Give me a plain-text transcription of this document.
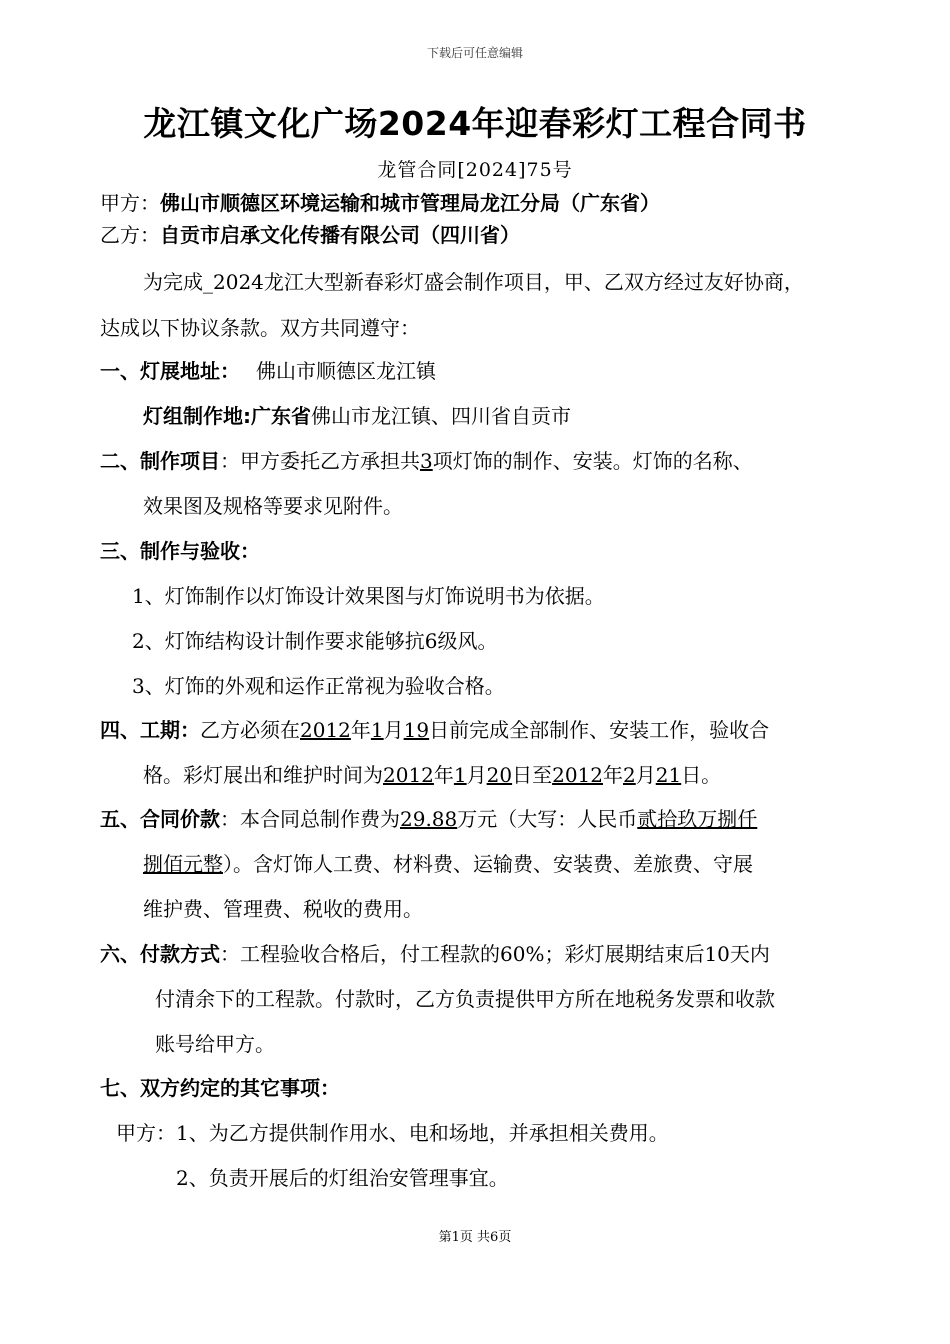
下载后可任意编辑
龙江镇文化广场2024年迎春彩灯工程合同书
龙管合同[2024]75号
甲方：佛山市顺德区环境运输和城市管理局龙江分局（广东省）
乙方：自贡市启承文化传播有限公司（四川省）
为完成_2024龙江大型新春彩灯盛会制作项目，甲、乙双方经过友好协商，
达成以下协议条款。双方共同遵守：
一、灯展地址： 佛山市顺德区龙江镇
灯组制作地:广东省佛山市龙江镇、四川省自贡市
二、制作项目：甲方委托乙方承担共3项灯饰的制作、安装。灯饰的名称、
效果图及规格等要求见附件。
三、制作与验收：
1、灯饰制作以灯饰设计效果图与灯饰说明书为依据。
2、灯饰结构设计制作要求能够抗6级风。
3、灯饰的外观和运作正常视为验收合格。
四、工期：乙方必须在2012年1月19日前完成全部制作、安装工作，验收合
格。彩灯展出和维护时间为2012年1月20日至2012年2月21日。
五、合同价款：本合同总制作费为29.88万元（大写：人民币贰拾玖万捌仟
捌佰元整）。含灯饰人工费、材料费、运输费、安装费、差旅费、守展
维护费、管理费、税收的费用。
六、付款方式：工程验收合格后，付工程款的60%；彩灯展期结束后10天内
付清余下的工程款。付款时，乙方负责提供甲方所在地税务发票和收款
账号给甲方。
七、双方约定的其它事项：
甲方：1、为乙方提供制作用水、电和场地，并承担相关费用。
2、负责开展后的灯组治安管理事宜。
第1页 共6页
